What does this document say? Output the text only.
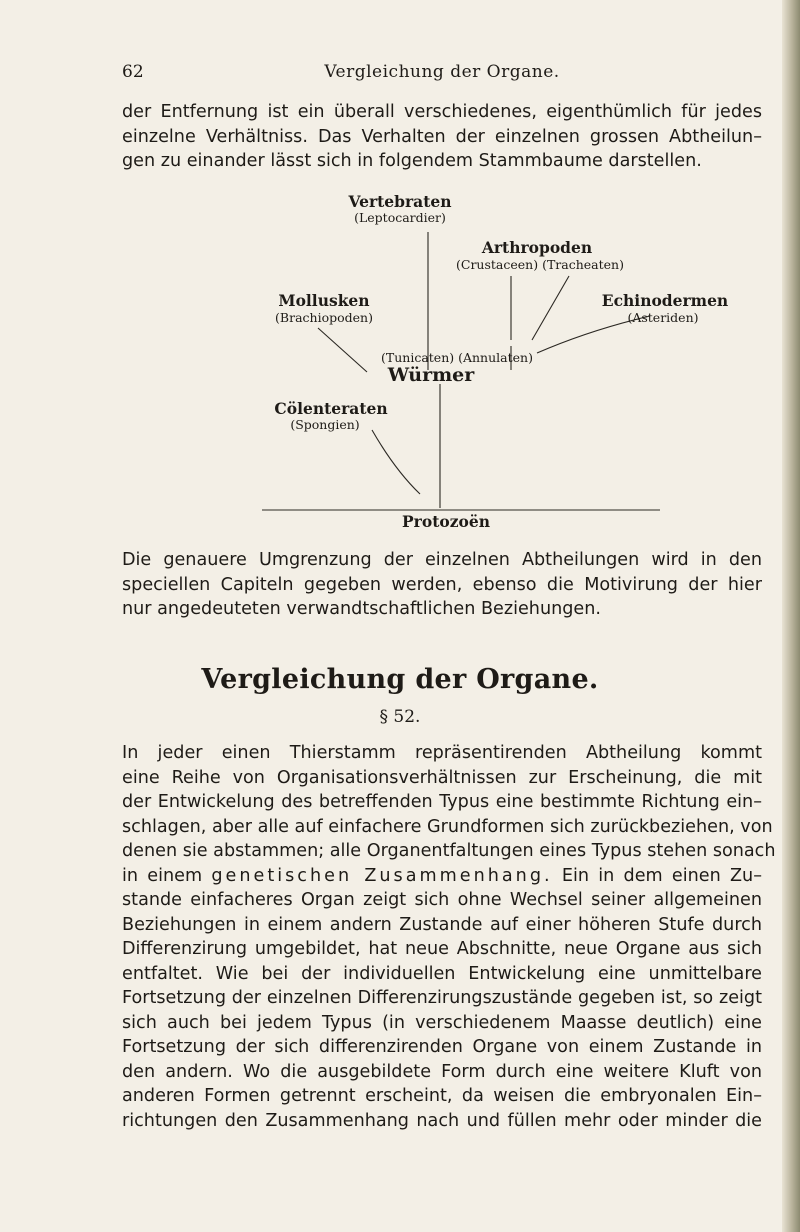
62	Vergleichung der Organe.

der Entfernung ist ein überall verschiedenes, eigenthümlich für jedes
einzelne Verhältniss. Das Verhalten der einzelnen grossen Abtheilun–
gen zu einander lässt sich in folgendem Stammbaume darstellen.

Vertebraten
(Leptocardier)
Arthropoden
(Crustaceen) (Tracheaten)
Mollusken
(Brachiopoden)
Echinodermen
(Asteriden)
(Tunicaten) (Annulaten)
Würmer
Cölenteraten
(Spongien)
Protozoën

Die genauere Umgrenzung der einzelnen Abtheilungen wird in den
speciellen Capiteln gegeben werden, ebenso die Motivirung der hier
nur angedeuteten verwandtschaftlichen Beziehungen.

Vergleichung der Organe.
§ 52.

In jeder einen Thierstamm repräsentirenden Abtheilung kommt
eine Reihe von Organisationsverhältnissen zur Erscheinung, die mit
der Entwickelung des betreffenden Typus eine bestimmte Richtung ein–
schlagen, aber alle auf einfachere Grundformen sich zurückbeziehen, von
denen sie abstammen; alle Organentfaltungen eines Typus stehen sonach
in einem genetischen Zusammenhang. Ein in dem einen Zu–
stande einfacheres Organ zeigt sich ohne Wechsel seiner allgemeinen
Beziehungen in einem andern Zustande auf einer höheren Stufe durch
Differenzirung umgebildet, hat neue Abschnitte, neue Organe aus sich
entfaltet. Wie bei der individuellen Entwickelung eine unmittelbare
Fortsetzung der einzelnen Differenzirungszustände gegeben ist, so zeigt
sich auch bei jedem Typus (in verschiedenem Maasse deutlich) eine
Fortsetzung der sich differenzirenden Organe von einem Zustande in
den andern. Wo die ausgebildete Form durch eine weitere Kluft von
anderen Formen getrennt erscheint, da weisen die embryonalen Ein–
richtungen den Zusammenhang nach und füllen mehr oder minder die
